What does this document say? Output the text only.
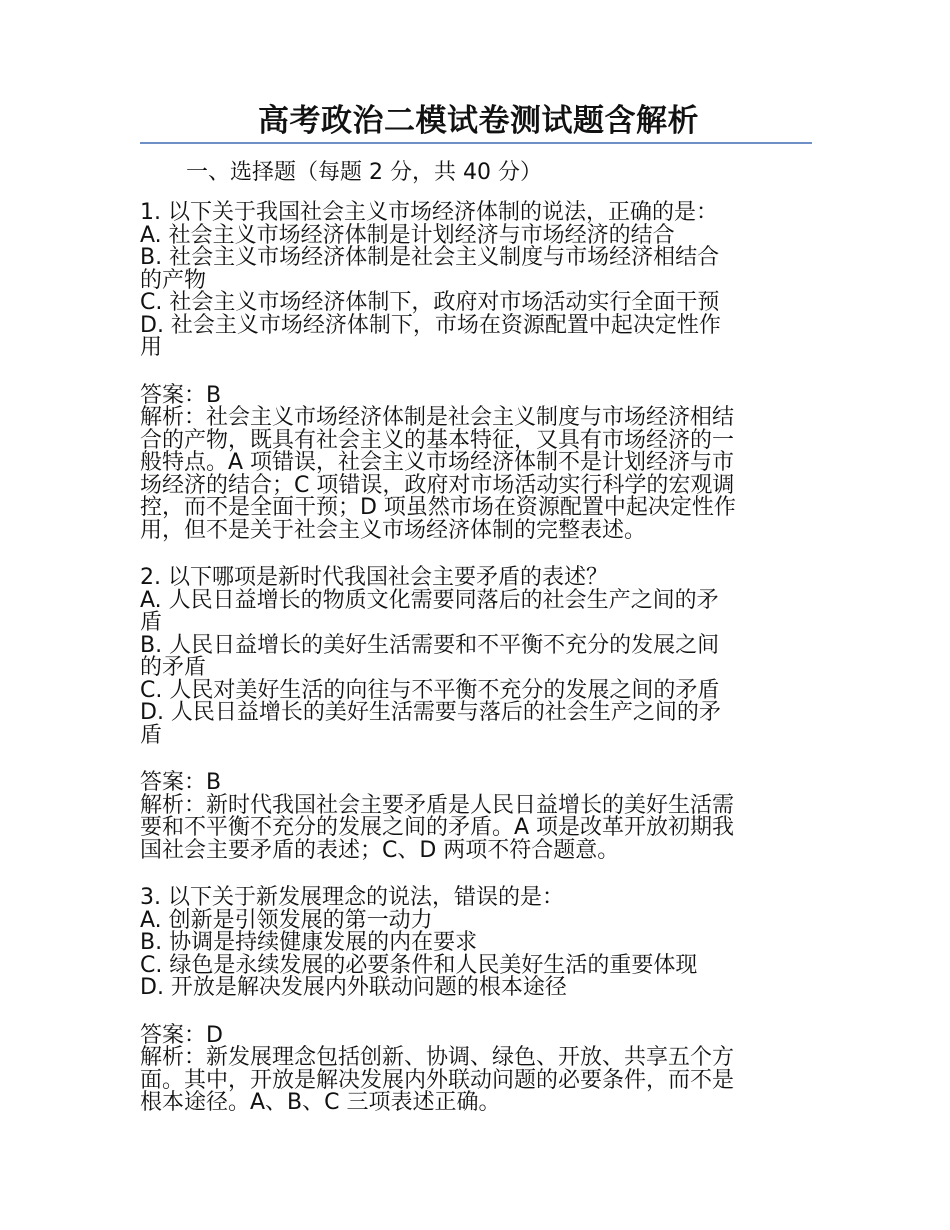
高考政治二模试卷测试题含解析
一、选择题（每题 2 分，共 40 分）
1. 以下关于我国社会主义市场经济体制的说法，正确的是：
A. 社会主义市场经济体制是计划经济与市场经济的结合
B. 社会主义市场经济体制是社会主义制度与市场经济相结合
的产物
C. 社会主义市场经济体制下，政府对市场活动实行全面干预
D. 社会主义市场经济体制下，市场在资源配置中起决定性作
用
答案：B
解析：社会主义市场经济体制是社会主义制度与市场经济相结
合的产物，既具有社会主义的基本特征，又具有市场经济的一
般特点。A 项错误，社会主义市场经济体制不是计划经济与市
场经济的结合；C 项错误，政府对市场活动实行科学的宏观调
控，而不是全面干预；D 项虽然市场在资源配置中起决定性作
用，但不是关于社会主义市场经济体制的完整表述。
2. 以下哪项是新时代我国社会主要矛盾的表述？
A. 人民日益增长的物质文化需要同落后的社会生产之间的矛
盾
B. 人民日益增长的美好生活需要和不平衡不充分的发展之间
的矛盾
C. 人民对美好生活的向往与不平衡不充分的发展之间的矛盾
D. 人民日益增长的美好生活需要与落后的社会生产之间的矛
盾
答案：B
解析：新时代我国社会主要矛盾是人民日益增长的美好生活需
要和不平衡不充分的发展之间的矛盾。A 项是改革开放初期我
国社会主要矛盾的表述；C、D 两项不符合题意。
3. 以下关于新发展理念的说法，错误的是：
A. 创新是引领发展的第一动力
B. 协调是持续健康发展的内在要求
C. 绿色是永续发展的必要条件和人民美好生活的重要体现
D. 开放是解决发展内外联动问题的根本途径
答案：D
解析：新发展理念包括创新、协调、绿色、开放、共享五个方
面。其中，开放是解决发展内外联动问题的必要条件，而不是
根本途径。A、B、C 三项表述正确。
